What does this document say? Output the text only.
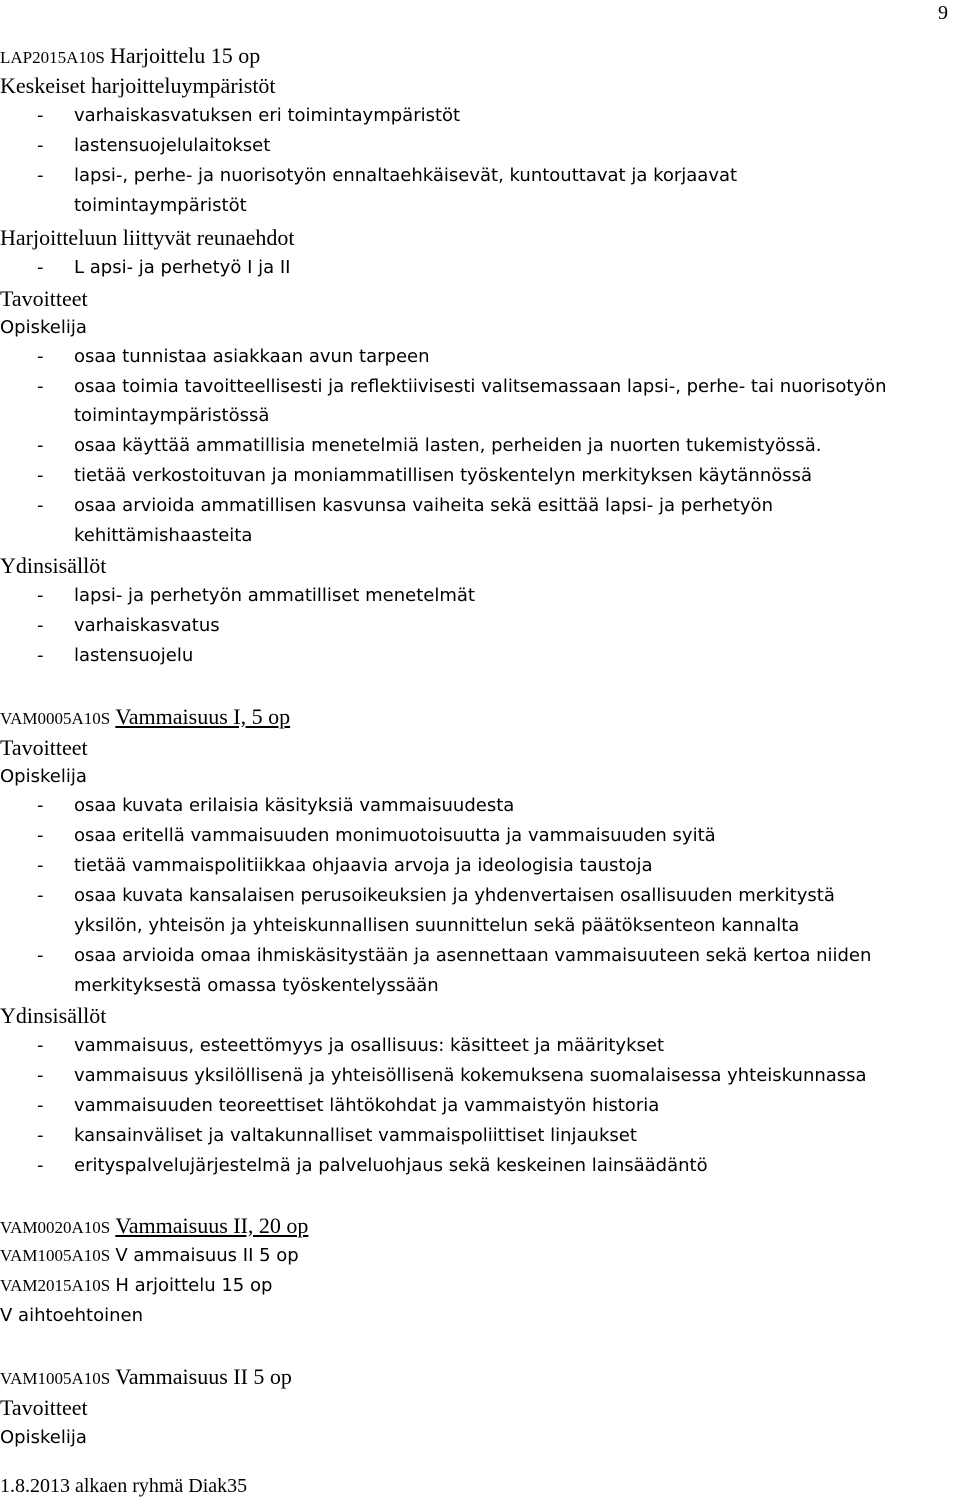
9
LAP2015A10S Harjoittelu 15 op
Keskeiset harjoitteluympäristöt
- varhaiskasvatuksen eri toimintaympäristöt
- lastensuojelulaitokset
- lapsi-, perhe- ja nuorisotyön ennaltaehkäisevät, kuntouttavat ja korjaavat
toimintaympäristöt
Harjoitteluun liittyvät reunaehdot
- L apsi- ja perhetyö I ja II
Tavoitteet
Opiskelija
- osaa tunnistaa asiakkaan avun tarpeen
- osaa toimia tavoitteellisesti ja reflektiivisesti valitsemassaan lapsi-, perhe- tai nuorisotyön
toimintaympäristössä
- osaa käyttää ammatillisia menetelmiä lasten, perheiden ja nuorten tukemistyössä.
- tietää verkostoituvan ja moniammatillisen työskentelyn merkityksen käytännössä
- osaa arvioida ammatillisen kasvunsa vaiheita sekä esittää lapsi- ja perhetyön
kehittämishaasteita
Ydinsisällöt
- lapsi- ja perhetyön ammatilliset menetelmät
- varhaiskasvatus
- lastensuojelu
VAM0005A10S Vammaisuus I, 5 op
Tavoitteet
Opiskelija
- osaa kuvata erilaisia käsityksiä vammaisuudesta
- osaa eritellä vammaisuuden monimuotoisuutta ja vammaisuuden syitä
- tietää vammaispolitiikkaa ohjaavia arvoja ja ideologisia taustoja
- osaa kuvata kansalaisen perusoikeuksien ja yhdenvertaisen osallisuuden merkitystä
yksilön, yhteisön ja yhteiskunnallisen suunnittelun sekä päätöksenteon kannalta
- osaa arvioida omaa ihmiskäsitystään ja asennettaan vammaisuuteen sekä kertoa niiden
merkityksestä omassa työskentelyssään
Ydinsisällöt
- vammaisuus, esteettömyys ja osallisuus: käsitteet ja määritykset
- vammaisuus yksilöllisenä ja yhteisöllisenä kokemuksena suomalaisessa yhteiskunnassa
- vammaisuuden teoreettiset lähtökohdat ja vammaistyön historia
- kansainväliset ja valtakunnalliset vammaispoliittiset linjaukset
- erityspalvelujärjestelmä ja palveluohjaus sekä keskeinen lainsäädäntö
VAM0020A10S Vammaisuus II, 20 op
VAM1005A10S V ammaisuus II 5 op
VAM2015A10S H arjoittelu 15 op
V aihtoehtoinen
VAM1005A10S Vammaisuus II 5 op
Tavoitteet
Opiskelija
1.8.2013 alkaen ryhmä Diak35
